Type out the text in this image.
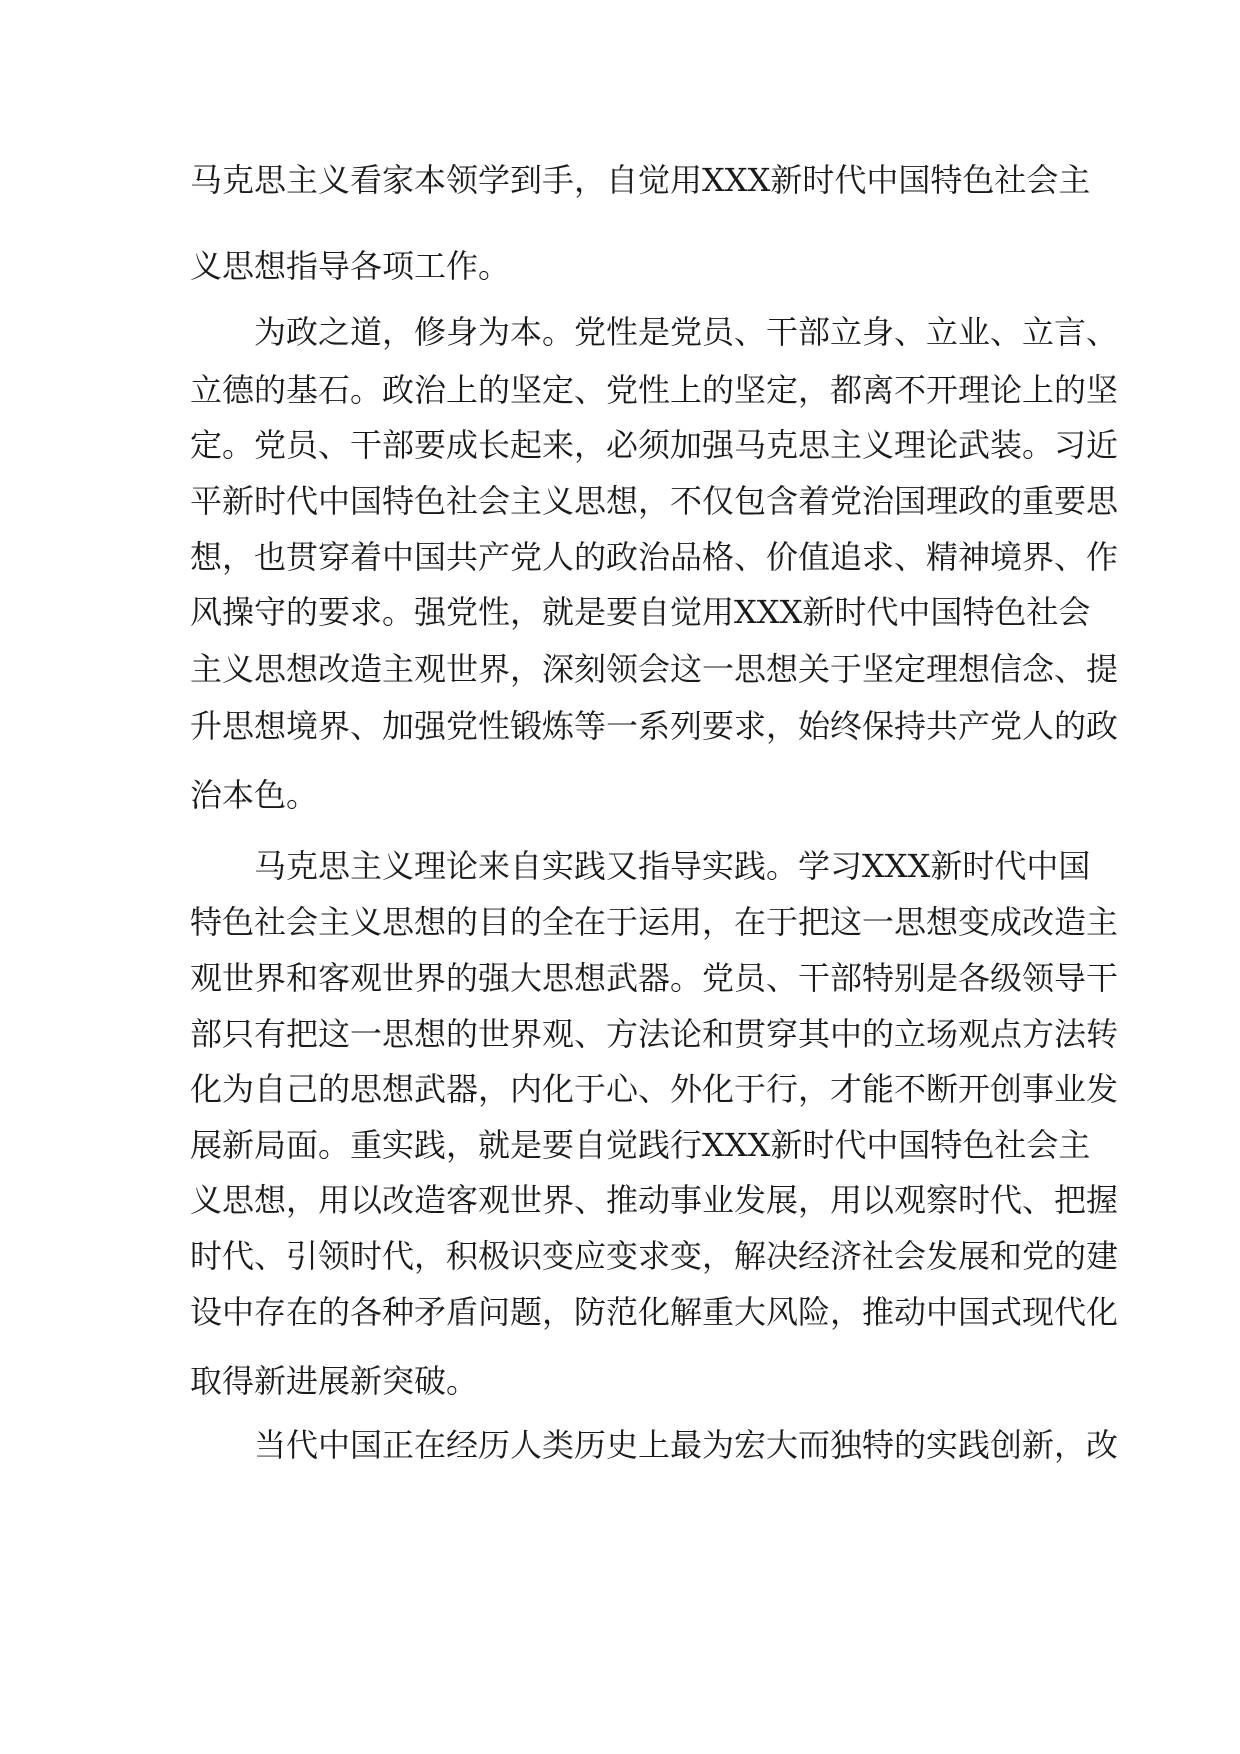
马克思主义看家本领学到手，自觉用XXX新时代中国特色社会主
义思想指导各项工作。
为政之道，修身为本。党性是党员、干部立身、立业、立言、
立德的基石。政治上的坚定、党性上的坚定，都离不开理论上的坚
定。党员、干部要成长起来，必须加强马克思主义理论武装。习近
平新时代中国特色社会主义思想，不仅包含着党治国理政的重要思
想，也贯穿着中国共产党人的政治品格、价值追求、精神境界、作
风操守的要求。强党性，就是要自觉用XXX新时代中国特色社会
主义思想改造主观世界，深刻领会这一思想关于坚定理想信念、提
升思想境界、加强党性锻炼等一系列要求，始终保持共产党人的政
治本色。
马克思主义理论来自实践又指导实践。学习XXX新时代中国
特色社会主义思想的目的全在于运用，在于把这一思想变成改造主
观世界和客观世界的强大思想武器。党员、干部特别是各级领导干
部只有把这一思想的世界观、方法论和贯穿其中的立场观点方法转
化为自己的思想武器，内化于心、外化于行，才能不断开创事业发
展新局面。重实践，就是要自觉践行XXX新时代中国特色社会主
义思想，用以改造客观世界、推动事业发展，用以观察时代、把握
时代、引领时代，积极识变应变求变，解决经济社会发展和党的建
设中存在的各种矛盾问题，防范化解重大风险，推动中国式现代化
取得新进展新突破。
当代中国正在经历人类历史上最为宏大而独特的实践创新，改
